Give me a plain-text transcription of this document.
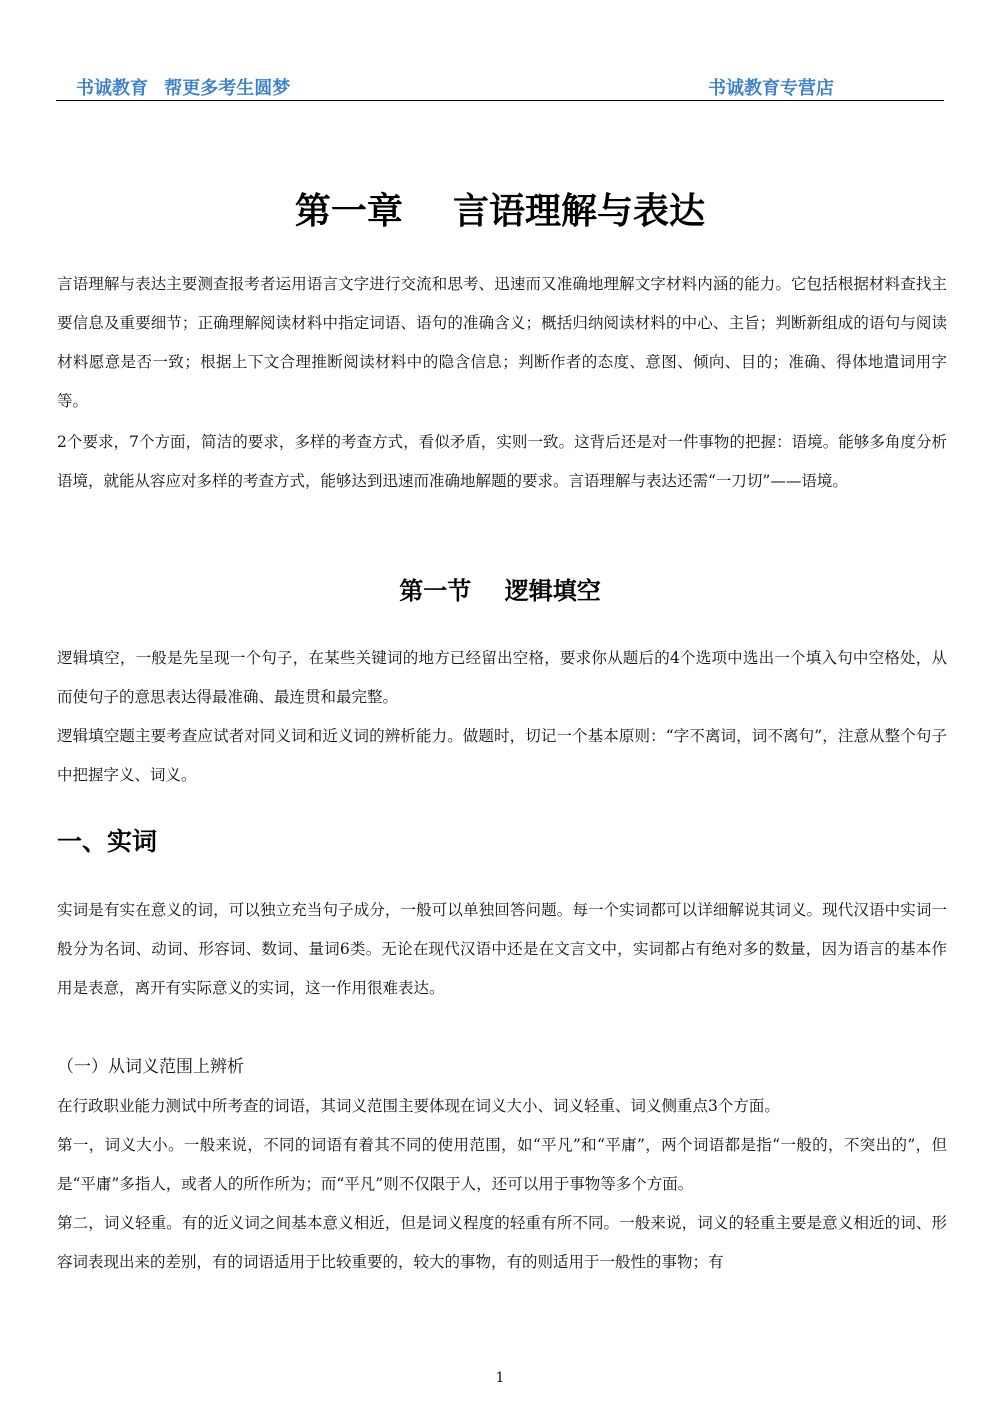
书诚教育 帮更多考生圆梦	书诚教育专营店
第一章    言语理解与表达
言语理解与表达主要测查报考者运用语言文字进行交流和思考、迅速而又准确地理解文字材料内涵的能力。它包括根据材料查找主要信息及重要细节；正确理解阅读材料中指定词语、语句的准确含义；概括归纳阅读材料的中心、主旨；判断新组成的语句与阅读材料愿意是否一致；根据上下文合理推断阅读材料中的隐含信息；判断作者的态度、意图、倾向、目的；准确、得体地遣词用字等。
2个要求，7个方面，简洁的要求，多样的考查方式，看似矛盾，实则一致。这背后还是对一件事物的把握：语境。能够多角度分析语境，就能从容应对多样的考查方式，能够达到迅速而准确地解题的要求。言语理解与表达还需“一刀切”——语境。
第一节    逻辑填空
逻辑填空，一般是先呈现一个句子，在某些关键词的地方已经留出空格，要求你从题后的4个选项中选出一个填入句中空格处，从而使句子的意思表达得最准确、最连贯和最完整。
逻辑填空题主要考查应试者对同义词和近义词的辨析能力。做题时，切记一个基本原则：“字不离词，词不离句”，注意从整个句子中把握字义、词义。
一、实词
实词是有实在意义的词，可以独立充当句子成分，一般可以单独回答问题。每一个实词都可以详细解说其词义。现代汉语中实词一般分为名词、动词、形容词、数词、量词6类。无论在现代汉语中还是在文言文中，实词都占有绝对多的数量，因为语言的基本作用是表意，离开有实际意义的实词，这一作用很难表达。
（一）从词义范围上辨析
在行政职业能力测试中所考查的词语，其词义范围主要体现在词义大小、词义轻重、词义侧重点3个方面。
第一，词义大小。一般来说，不同的词语有着其不同的使用范围，如“平凡”和“平庸”，两个词语都是指“一般的，不突出的”，但是“平庸”多指人，或者人的所作所为；而“平凡”则不仅限于人，还可以用于事物等多个方面。
第二，词义轻重。有的近义词之间基本意义相近，但是词义程度的轻重有所不同。一般来说，词义的轻重主要是意义相近的词、形容词表现出来的差别，有的词语适用于比较重要的，较大的事物，有的则适用于一般性的事物；有
1
